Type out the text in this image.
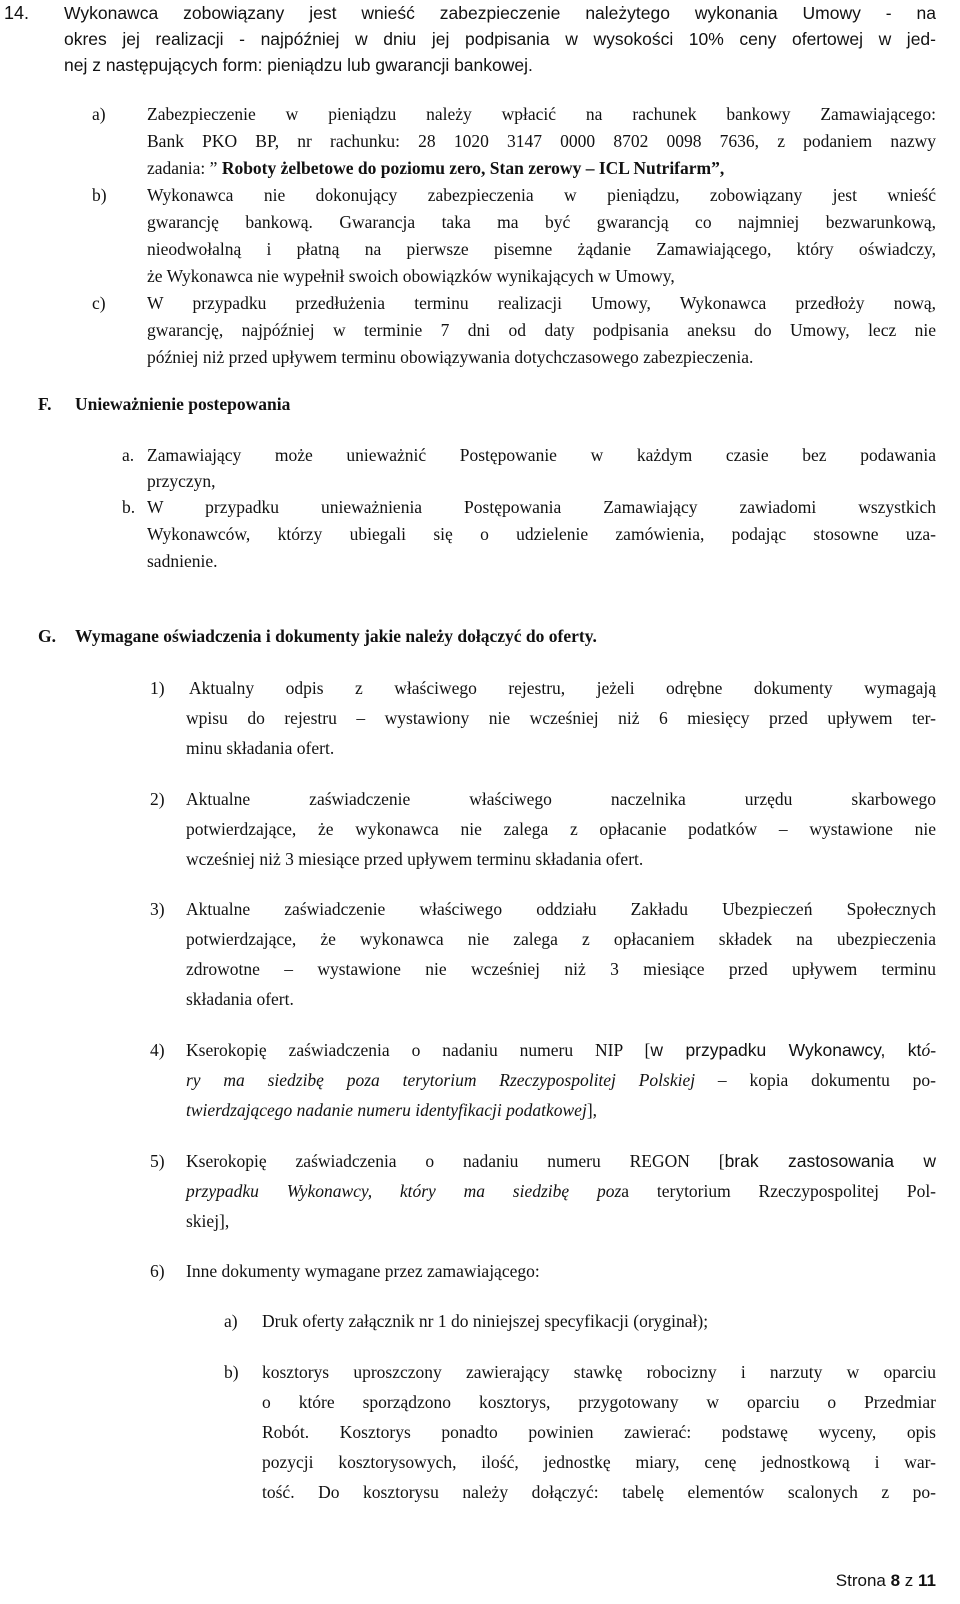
14. Wykonawca zobowiązany jest wnieść zabezpieczenie należytego wykonania Umowy - na
okres jej realizacji - najpóźniej w dniu jej podpisania w wysokości 10% ceny ofertowej w jed-
nej z następujących form: pieniądzu lub gwarancji bankowej.
a) Zabezpieczenie w pieniądzu należy wpłacić na rachunek bankowy Zamawiającego:
Bank PKO BP, nr rachunku: 28 1020 3147 0000 8702 0098 7636, z podaniem nazwy
zadania: ” Roboty żelbetowe do poziomu zero, Stan zerowy – ICL Nutrifarm”,
b) Wykonawca nie dokonujący zabezpieczenia w pieniądzu, zobowiązany jest wnieść
gwarancję bankową. Gwarancja taka ma być gwarancją co najmniej bezwarunkową,
nieodwołalną i płatną na pierwsze pisemne żądanie Zamawiającego, który oświadczy,
że Wykonawca nie wypełnił swoich obowiązków wynikających w Umowy,
c) W przypadku przedłużenia terminu realizacji Umowy, Wykonawca przedłoży nową,
gwarancję, najpóźniej w terminie 7 dni od daty podpisania aneksu do Umowy, lecz nie
później niż przed upływem terminu obowiązywania dotychczasowego zabezpieczenia.
F. Unieważnienie postepowania
a. Zamawiający może unieważnić Postępowanie w każdym czasie bez podawania
przyczyn,
b. W przypadku unieważnienia Postępowania Zamawiający zawiadomi wszystkich
Wykonawców, którzy ubiegali się o udzielenie zamówienia, podając stosowne uza-
sadnienie.
G. Wymagane oświadczenia i dokumenty jakie należy dołączyć do oferty.
1) Aktualny odpis z właściwego rejestru, jeżeli odrębne dokumenty wymagają
wpisu do rejestru – wystawiony nie wcześniej niż 6 miesięcy przed upływem ter-
minu składania ofert.
2) Aktualne zaświadczenie właściwego naczelnika urzędu skarbowego
potwierdzające, że wykonawca nie zalega z opłacanie podatków – wystawione nie
wcześniej niż 3 miesiące przed upływem terminu składania ofert.
3) Aktualne zaświadczenie właściwego oddziału Zakładu Ubezpieczeń Społecznych
potwierdzające, że wykonawca nie zalega z opłacaniem składek na ubezpieczenia
zdrowotne – wystawione nie wcześniej niż 3 miesiące przed upływem terminu
składania ofert.
4) Kserokopię zaświadczenia o nadaniu numeru NIP [w przypadku Wykonawcy, któ-
ry ma siedzibę poza terytorium Rzeczypospolitej Polskiej – kopia dokumentu po-
twierdzającego nadanie numeru identyfikacji podatkowej],
5) Kserokopię zaświadczenia o nadaniu numeru REGON [brak zastosowania w
przypadku Wykonawcy, który ma siedzibę poza terytorium Rzeczypospolitej Pol-
skiej],
6) Inne dokumenty wymagane przez zamawiającego:
a) Druk oferty załącznik nr 1 do niniejszej specyfikacji (oryginał);
b) kosztorys uproszczony zawierający stawkę robocizny i narzuty w oparciu
o które sporządzono kosztorys, przygotowany w oparciu o Przedmiar
Robót. Kosztorys ponadto powinien zawierać: podstawę wyceny, opis
pozycji kosztorysowych, ilość, jednostkę miary, cenę jednostkową i war-
tość. Do kosztorysu należy dołączyć: tabelę elementów scalonych z po-
Strona 8 z 11
